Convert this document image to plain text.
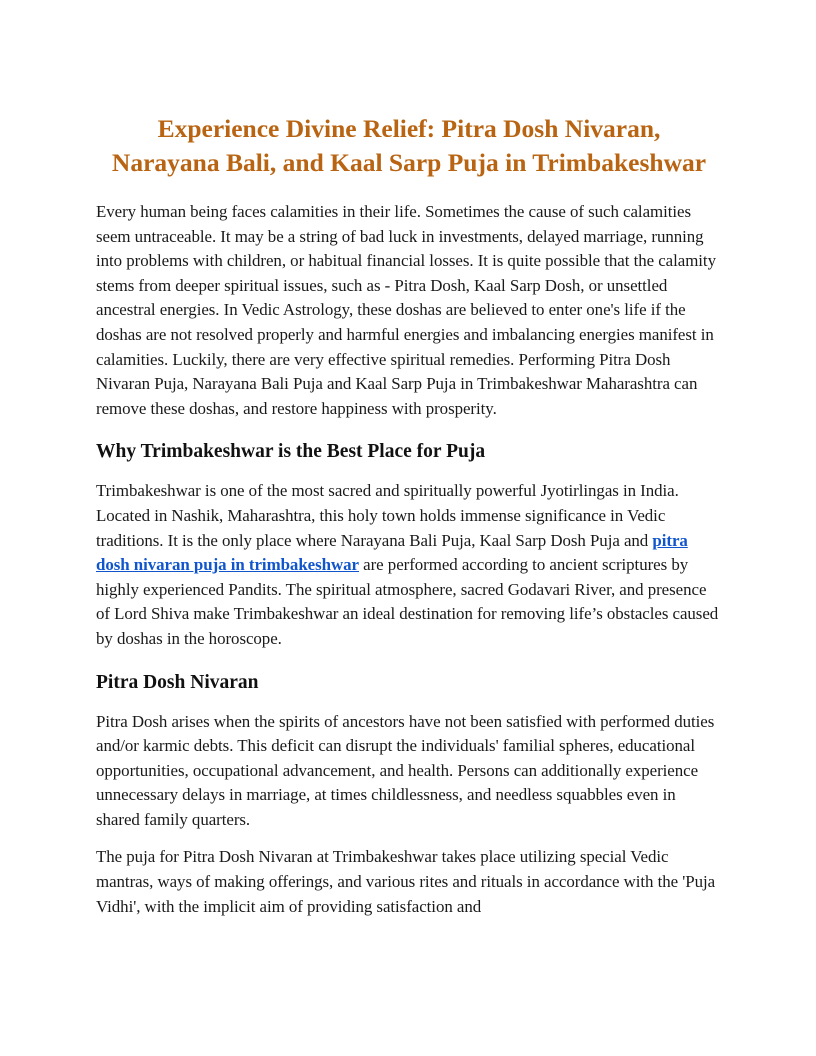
Experience Divine Relief: Pitra Dosh Nivaran,
Narayana Bali, and Kaal Sarp Puja in Trimbakeshwar

Every human being faces calamities in their life. Sometimes the cause of such calamities seem untraceable. It may be a string of bad luck in investments, delayed marriage, running into problems with children, or habitual financial losses. It is quite possible that the calamity stems from deeper spiritual issues, such as - Pitra Dosh, Kaal Sarp Dosh, or unsettled ancestral energies. In Vedic Astrology, these doshas are believed to enter one's life if the doshas are not resolved properly and harmful energies and imbalancing energies manifest in calamities. Luckily, there are very effective spiritual remedies. Performing Pitra Dosh Nivaran Puja, Narayana Bali Puja and Kaal Sarp Puja in Trimbakeshwar Maharashtra can remove these doshas, and restore happiness with prosperity.

Why Trimbakeshwar is the Best Place for Puja

Trimbakeshwar is one of the most sacred and spiritually powerful Jyotirlingas in India. Located in Nashik, Maharashtra, this holy town holds immense significance in Vedic traditions. It is the only place where Narayana Bali Puja, Kaal Sarp Dosh Puja and pitra dosh nivaran puja in trimbakeshwar are performed according to ancient scriptures by highly experienced Pandits. The spiritual atmosphere, sacred Godavari River, and presence of Lord Shiva make Trimbakeshwar an ideal destination for removing life’s obstacles caused by doshas in the horoscope.

Pitra Dosh Nivaran

Pitra Dosh arises when the spirits of ancestors have not been satisfied with performed duties and/or karmic debts. This deficit can disrupt the individuals' familial spheres, educational opportunities, occupational advancement, and health. Persons can additionally experience unnecessary delays in marriage, at times childlessness, and needless squabbles even in shared family quarters.

The puja for Pitra Dosh Nivaran at Trimbakeshwar takes place utilizing special Vedic mantras, ways of making offerings, and various rites and rituals in accordance with the 'Puja Vidhi', with the implicit aim of providing satisfaction and
